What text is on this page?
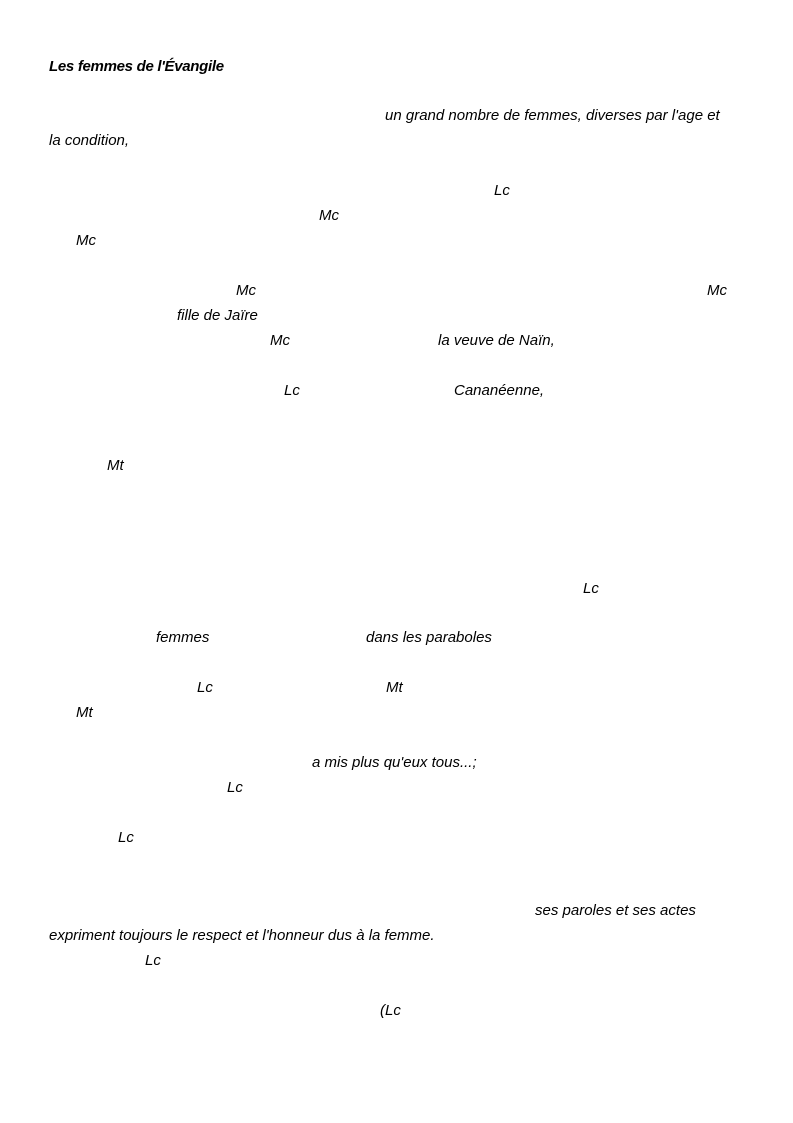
Les femmes de l'Évangile
un grand nombre de femmes, diverses par l'age et
la condition,
Lc
Mc
Mc
Mc	Mc
fille de Jaïre
Mc	la veuve de Naïn,
Lc	Cananéenne,
Mt
Lc
femmes	dans les paraboles
Lc	Mt
Mt
a mis plus qu'eux tous...;
Lc
Lc
ses paroles et ses actes
expriment toujours le respect et l'honneur dus à la femme.
Lc
(Lc
